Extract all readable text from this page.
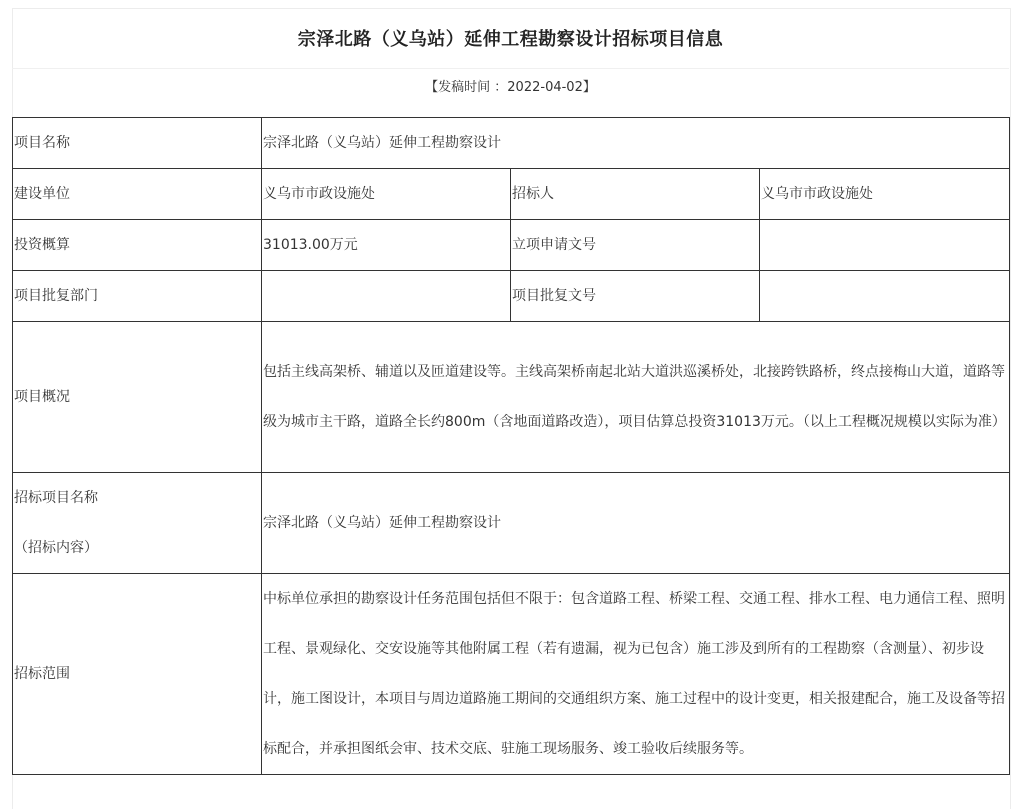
宗泽北路（义乌站）延伸工程勘察设计招标项目信息
【发稿时间 ：2022-04-02】
项目名称	宗泽北路（义乌站）延伸工程勘察设计		
建设单位	义乌市市政设施处	招标人	义乌市市政设施处
投资概算	31013.00万元	立项申请文号	
项目批复部门		项目批复文号	
项目概况	包括主线高架桥、辅道以及匝道建设等。主线高架桥南起北站大道洪巡溪桥处，北接跨铁路桥，终点接梅山大道，道路等级为城市主干路，道路全长约800m（含地面道路改造），项目估算总投资31013万元。（以上工程概况规模以实际为准）		

招标项目名称
（招标内容）	宗泽北路（义乌站）延伸工程勘察设计		
招标范围	中标单位承担的勘察设计任务范围包括但不限于：包含道路工程、桥梁工程、交通工程、排水工程、电力通信工程、照明工程、景观绿化、交安设施等其他附属工程（若有遗漏，视为已包含）施工涉及到所有的工程勘察（含测量）、初步设计，施工图设计，本项目与周边道路施工期间的交通组织方案、施工过程中的设计变更，相关报建配合，施工及设备等招标配合，并承担图纸会审、技术交底、驻施工现场服务、竣工验收后续服务等。		
